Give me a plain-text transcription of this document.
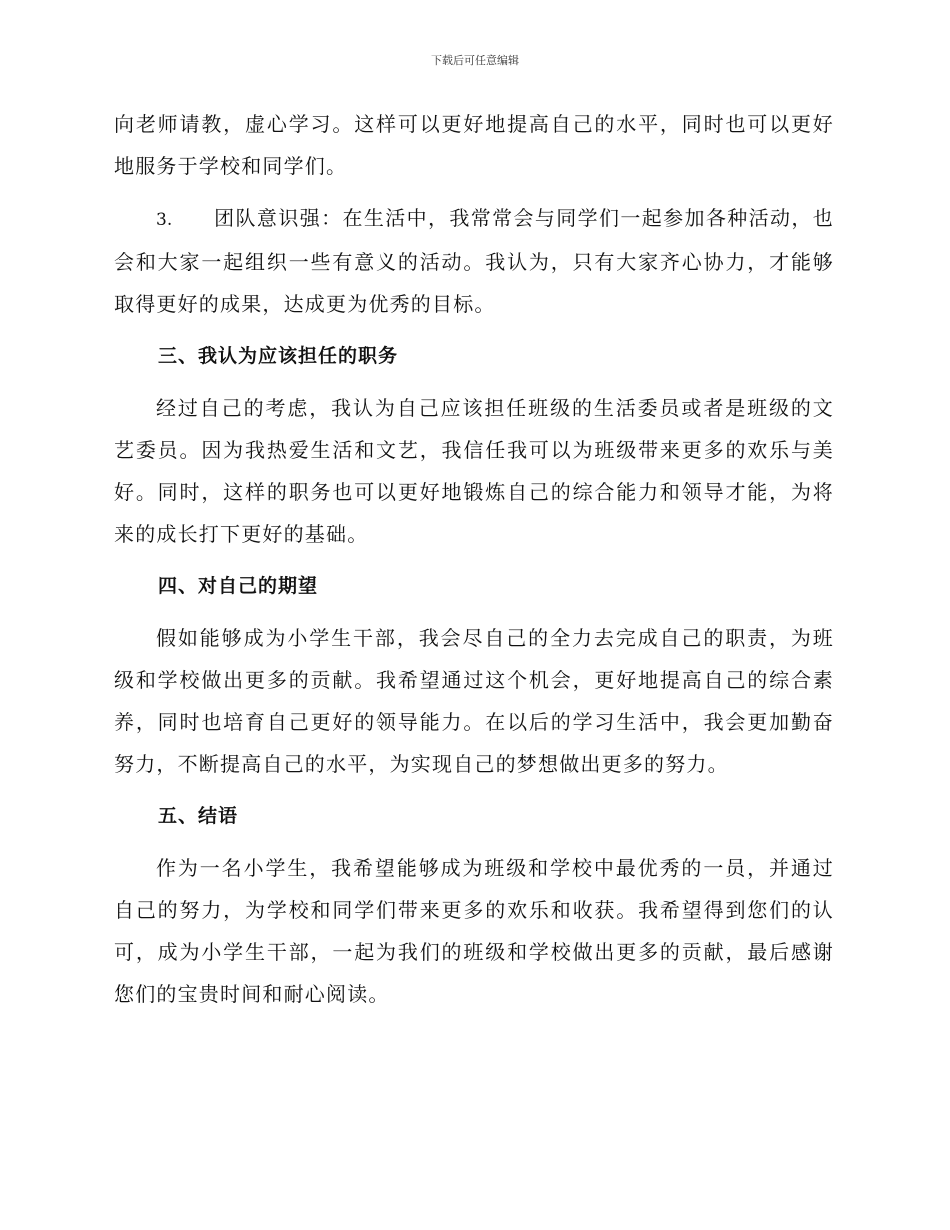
下载后可任意编辑

向老师请教，虚心学习。这样可以更好地提高自己的水平，同时也可以更好地服务于学校和同学们。

3. 团队意识强：在生活中，我常常会与同学们一起参加各种活动，也会和大家一起组织一些有意义的活动。我认为，只有大家齐心协力，才能够取得更好的成果，达成更为优秀的目标。

三、我认为应该担任的职务

经过自己的考虑，我认为自己应该担任班级的生活委员或者是班级的文艺委员。因为我热爱生活和文艺，我信任我可以为班级带来更多的欢乐与美好。同时，这样的职务也可以更好地锻炼自己的综合能力和领导才能，为将来的成长打下更好的基础。

四、对自己的期望

假如能够成为小学生干部，我会尽自己的全力去完成自己的职责，为班级和学校做出更多的贡献。我希望通过这个机会，更好地提高自己的综合素养，同时也培育自己更好的领导能力。在以后的学习生活中，我会更加勤奋努力，不断提高自己的水平，为实现自己的梦想做出更多的努力。

五、结语

作为一名小学生，我希望能够成为班级和学校中最优秀的一员，并通过自己的努力，为学校和同学们带来更多的欢乐和收获。我希望得到您们的认可，成为小学生干部，一起为我们的班级和学校做出更多的贡献，最后感谢您们的宝贵时间和耐心阅读。
